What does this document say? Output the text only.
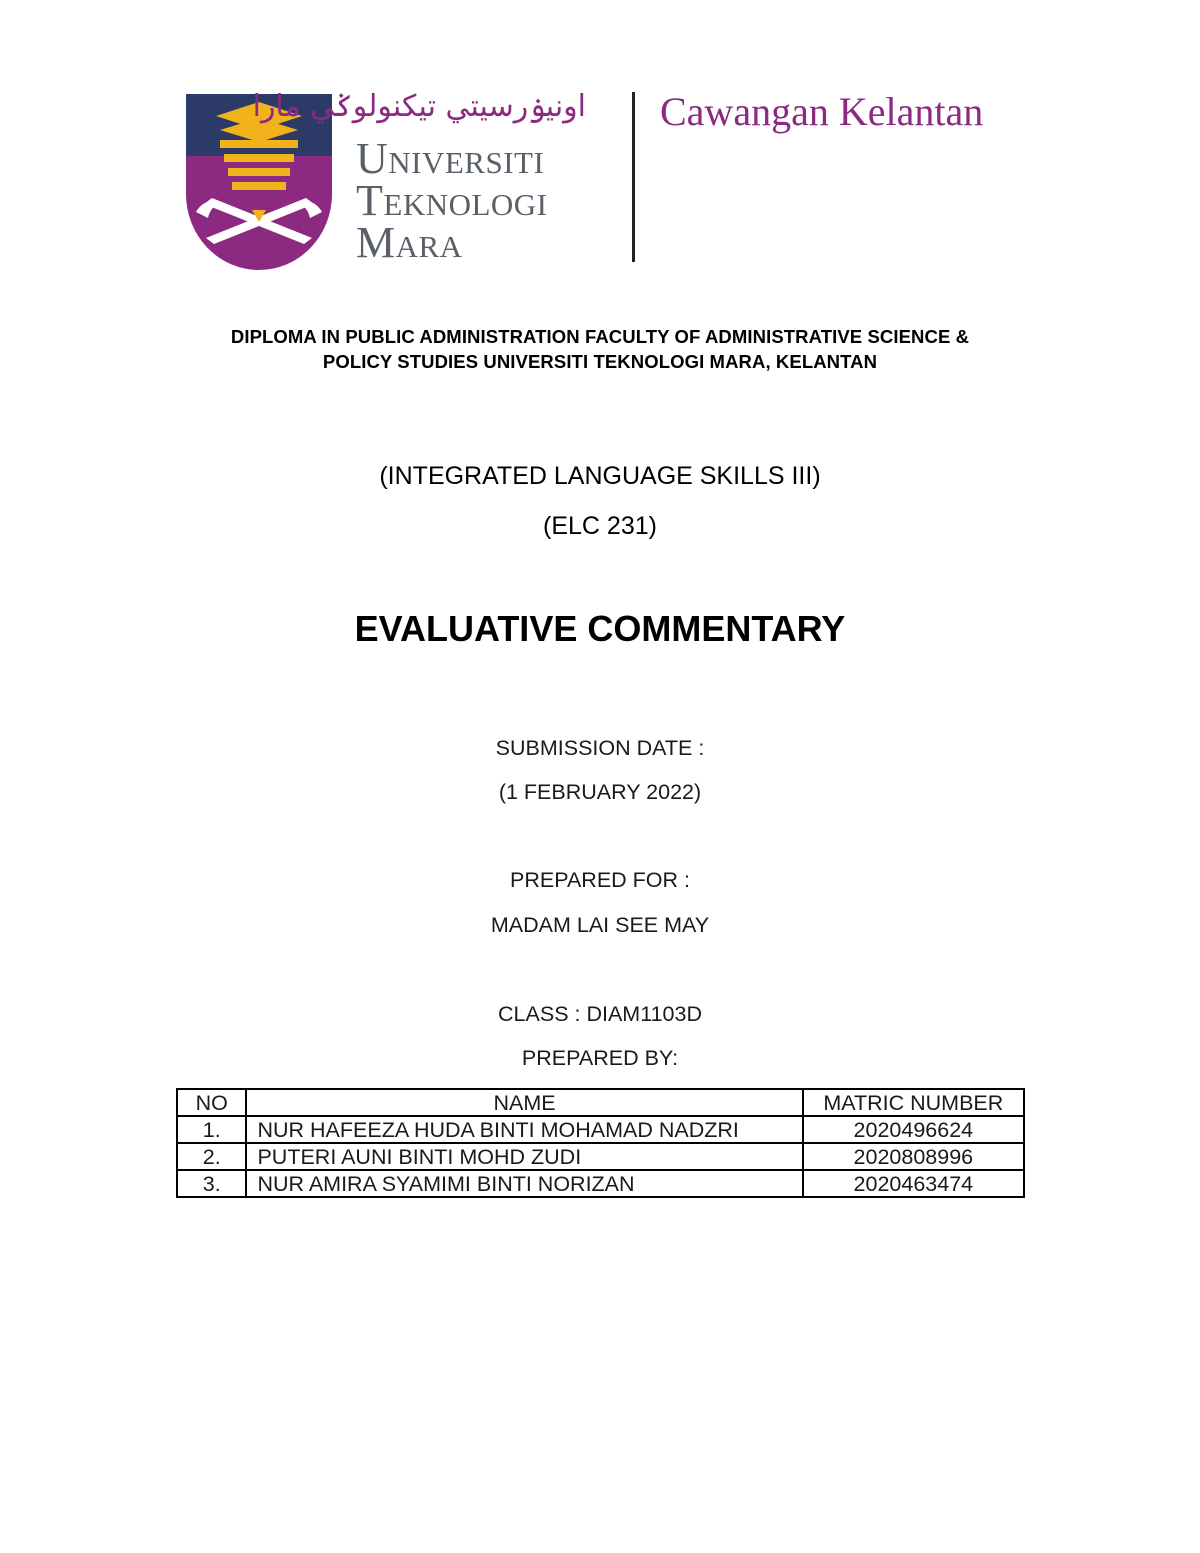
اونيۏرسيتي تيكنولوݢي مارا
Universiti
Teknologi
Mara
Cawangan Kelantan
DIPLOMA IN PUBLIC ADMINISTRATION FACULTY OF ADMINISTRATIVE SCIENCE &
POLICY STUDIES UNIVERSITI TEKNOLOGI MARA, KELANTAN
(INTEGRATED LANGUAGE SKILLS III)
(ELC 231)
EVALUATIVE COMMENTARY
SUBMISSION DATE :
(1 FEBRUARY 2022)
PREPARED FOR :
MADAM LAI SEE MAY
CLASS : DIAM1103D
PREPARED BY:
NO	NAME	MATRIC NUMBER
1.	NUR HAFEEZA HUDA BINTI MOHAMAD NADZRI	2020496624
2.	PUTERI AUNI BINTI MOHD ZUDI	2020808996
3.	NUR AMIRA SYAMIMI BINTI NORIZAN	2020463474
